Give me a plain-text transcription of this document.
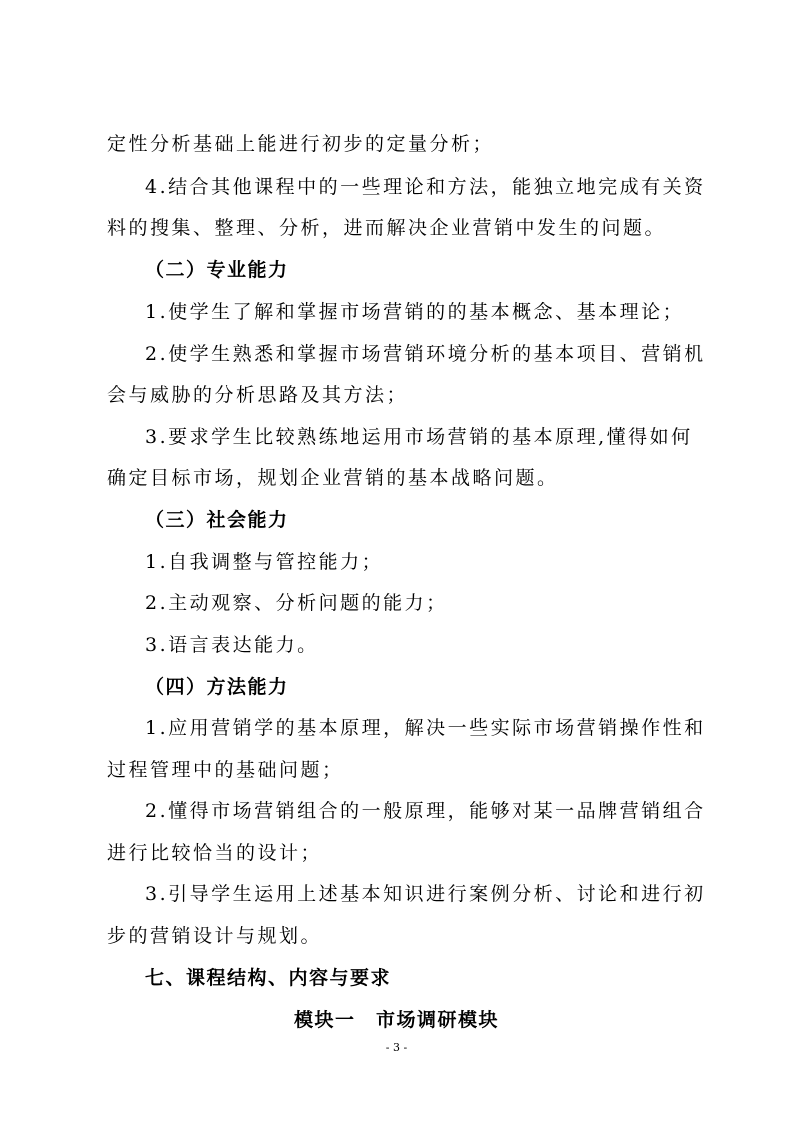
定性分析基础上能进行初步的定量分析；
4.结合其他课程中的一些理论和方法，能独立地完成有关资
料的搜集、整理、分析，进而解决企业营销中发生的问题。
（二）专业能力
1.使学生了解和掌握市场营销的的基本概念、基本理论；
2.使学生熟悉和掌握市场营销环境分析的基本项目、营销机
会与威胁的分析思路及其方法；
3.要求学生比较熟练地运用市场营销的基本原理,懂得如何
确定目标市场，规划企业营销的基本战略问题。
（三）社会能力
1.自我调整与管控能力；
2.主动观察、分析问题的能力；
3.语言表达能力。
（四）方法能力
1.应用营销学的基本原理，解决一些实际市场营销操作性和
过程管理中的基础问题；
2.懂得市场营销组合的一般原理，能够对某一品牌营销组合
进行比较恰当的设计；
3.引导学生运用上述基本知识进行案例分析、讨论和进行初
步的营销设计与规划。
七、课程结构、内容与要求
模块一　市场调研模块
- 3 -
